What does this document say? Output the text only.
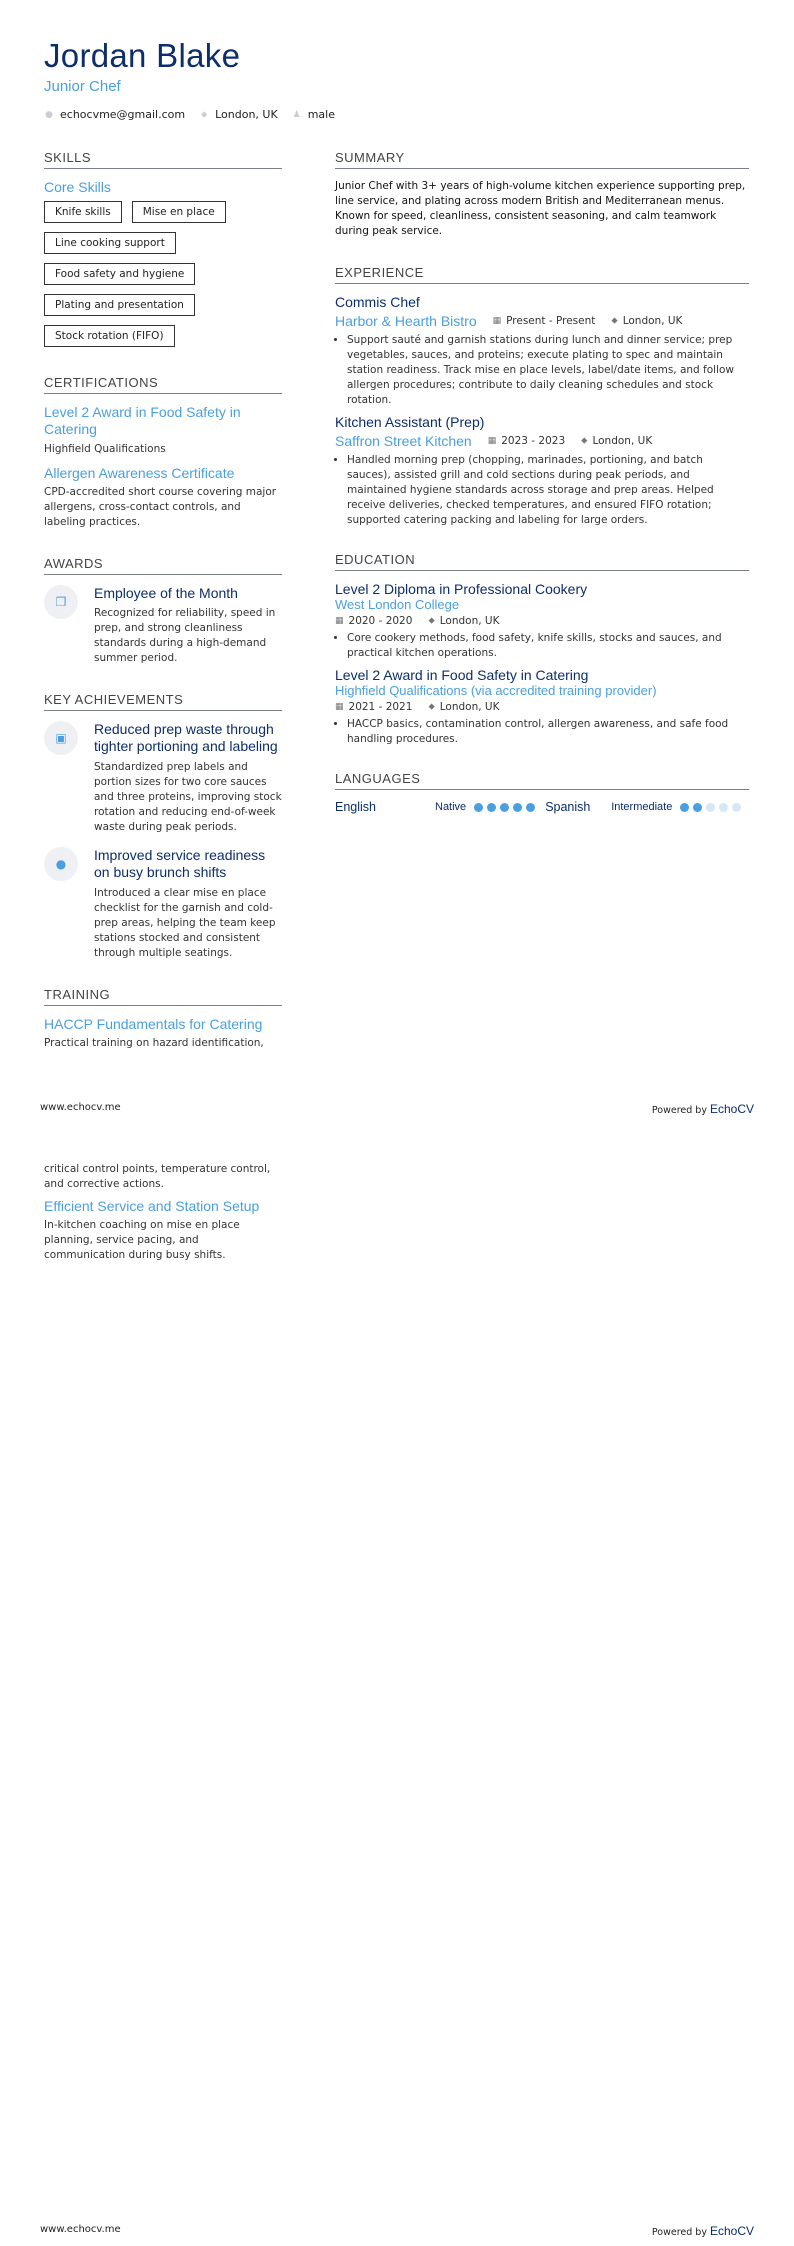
Jordan Blake
Junior Chef
● echocvme@gmail.com ⬥ London, UK ♟ male
SKILLS
Core Skills
Knife skills	Mise en place
Line cooking support
Food safety and hygiene
Plating and presentation
Stock rotation (FIFO)
CERTIFICATIONS
Level 2 Award in Food Safety in Catering
Highfield Qualifications
Allergen Awareness Certificate
CPD-accredited short course covering major allergens, cross-contact controls, and labeling practices.
AWARDS
❐
Employee of the Month
Recognized for reliability, speed in prep, and strong cleanliness standards during a high-demand summer period.
KEY ACHIEVEMENTS
▣
Reduced prep waste through tighter portioning and labeling
Standardized prep labels and portion sizes for two core sauces and three proteins, improving stock rotation and reducing end-of-week waste during peak periods.
●
Improved service readiness on busy brunch shifts
Introduced a clear mise en place checklist for the garnish and cold-prep areas, helping the team keep stations stocked and consistent through multiple seatings.
TRAINING
HACCP Fundamentals for Catering
Practical training on hazard identification,
SUMMARY
Junior Chef with 3+ years of high-volume kitchen experience supporting prep, line service, and plating across modern British and Mediterranean menus. Known for speed, cleanliness, consistent seasoning, and calm teamwork during peak service.
EXPERIENCE
Commis Chef
Harbor & Hearth Bistro ▦ Present - Present ⬥ London, UK
• Support sauté and garnish stations during lunch and dinner service; prep vegetables, sauces, and proteins; execute plating to spec and maintain station readiness. Track mise en place levels, label/date items, and follow allergen procedures; contribute to daily cleaning schedules and stock rotation.
Kitchen Assistant (Prep)
Saffron Street Kitchen ▦ 2023 - 2023 ⬥ London, UK
• Handled morning prep (chopping, marinades, portioning, and batch sauces), assisted grill and cold sections during peak periods, and maintained hygiene standards across storage and prep areas. Helped receive deliveries, checked temperatures, and ensured FIFO rotation; supported catering packing and labeling for large orders.
EDUCATION
Level 2 Diploma in Professional Cookery
West London College
▦ 2020 - 2020 ⬥ London, UK
• Core cookery methods, food safety, knife skills, stocks and sauces, and practical kitchen operations.
Level 2 Award in Food Safety in Catering
Highfield Qualifications (via accredited training provider)
▦ 2021 - 2021 ⬥ London, UK
• HACCP basics, contamination control, allergen awareness, and safe food handling procedures.
LANGUAGES
English	Native	Spanish	Intermediate
www.echocv.me	Powered by EchoCV
critical control points, temperature control, and corrective actions.
Efficient Service and Station Setup
In-kitchen coaching on mise en place planning, service pacing, and communication during busy shifts.
www.echocv.me	Powered by EchoCV
